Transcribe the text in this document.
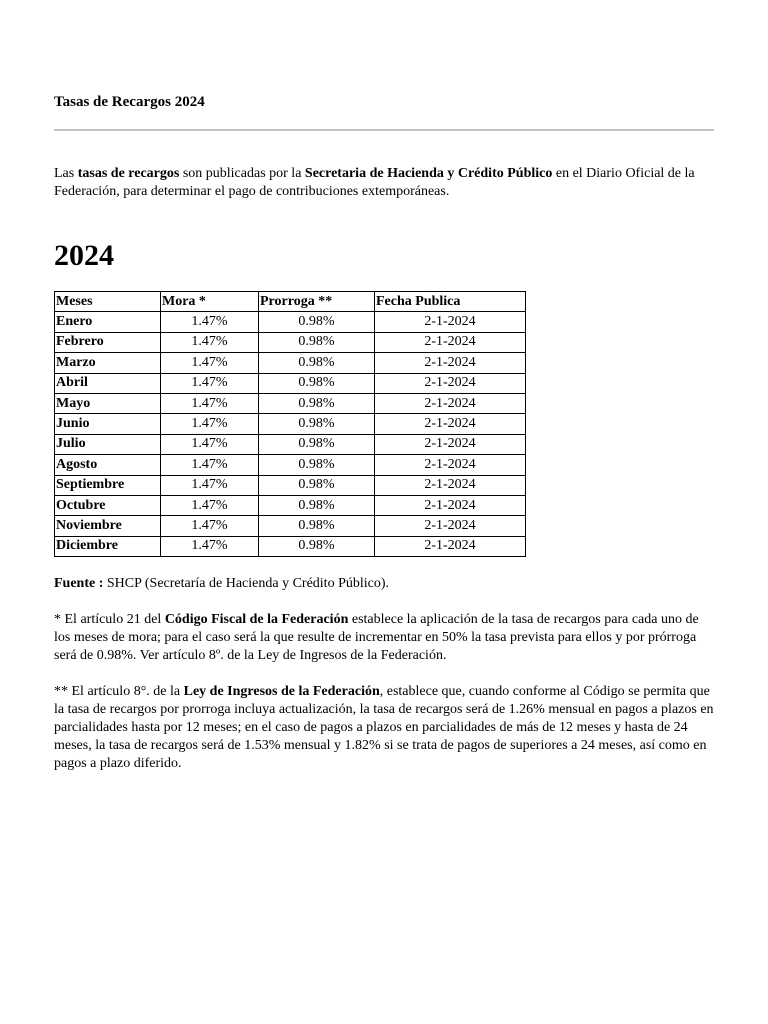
Tasas de Recargos 2024

Las tasas de recargos son publicadas por la Secretaria de Hacienda y Crédito Público en el Diario Oficial de la Federación, para determinar el pago de contribuciones extemporáneas.

2024
Meses	Mora *	Prorroga **	Fecha Publica
Enero	1.47%	0.98%	2-1-2024
Febrero	1.47%	0.98%	2-1-2024
Marzo	1.47%	0.98%	2-1-2024
Abril	1.47%	0.98%	2-1-2024
Mayo	1.47%	0.98%	2-1-2024
Junio	1.47%	0.98%	2-1-2024
Julio	1.47%	0.98%	2-1-2024
Agosto	1.47%	0.98%	2-1-2024
Septiembre	1.47%	0.98%	2-1-2024
Octubre	1.47%	0.98%	2-1-2024
Noviembre	1.47%	0.98%	2-1-2024
Diciembre	1.47%	0.98%	2-1-2024

Fuente : SHCP (Secretaría de Hacienda y Crédito Público).

* El artículo 21 del Código Fiscal de la Federación establece la aplicación de la tasa de recargos para cada uno de los meses de mora; para el caso será la que resulte de incrementar en 50% la tasa prevista para ellos y por prórroga será de 0.98%. Ver artículo 8º. de la Ley de Ingresos de la Federación.

** El artículo 8°. de la Ley de Ingresos de la Federación, establece que, cuando conforme al Código se permita que la tasa de recargos por prorroga incluya actualización, la tasa de recargos será de 1.26% mensual en pagos a plazos en parcialidades hasta por 12 meses; en el caso de pagos a plazos en parcialidades de más de 12 meses y hasta de 24 meses, la tasa de recargos será de 1.53% mensual y 1.82% si se trata de pagos de superiores a 24 meses, así como en pagos a plazo diferido.
